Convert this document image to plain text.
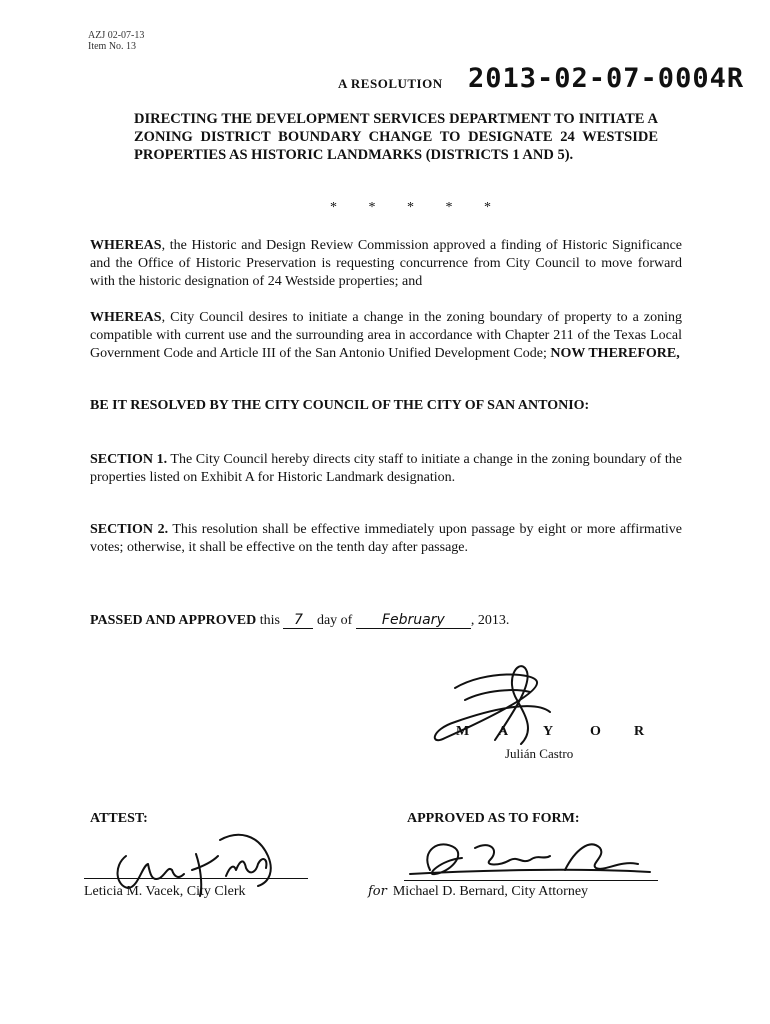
AZJ 02-07-13
Item No. 13
A RESOLUTION 2013-02-07-0004R
DIRECTING THE DEVELOPMENT SERVICES DEPARTMENT TO INITIATE A ZONING DISTRICT BOUNDARY CHANGE TO DESIGNATE 24 WESTSIDE PROPERTIES AS HISTORIC LANDMARKS (DISTRICTS 1 AND 5).
* * * * *
WHEREAS, the Historic and Design Review Commission approved a finding of Historic Significance and the Office of Historic Preservation is requesting concurrence from City Council to move forward with the historic designation of 24 Westside properties; and
WHEREAS, City Council desires to initiate a change in the zoning boundary of property to a zoning compatible with current use and the surrounding area in accordance with Chapter 211 of the Texas Local Government Code and Article III of the San Antonio Unified Development Code; NOW THEREFORE,
BE IT RESOLVED BY THE CITY COUNCIL OF THE CITY OF SAN ANTONIO:
SECTION 1. The City Council hereby directs city staff to initiate a change in the zoning boundary of the properties listed on Exhibit A for Historic Landmark designation.
SECTION 2. This resolution shall be effective immediately upon passage by eight or more affirmative votes; otherwise, it shall be effective on the tenth day after passage.
PASSED AND APPROVED this 7 day of February , 2013.
M A Y	O R
Julián Castro
ATTEST:
Leticia M. Vacek, City Clerk
APPROVED AS TO FORM:
for Michael D. Bernard, City Attorney
